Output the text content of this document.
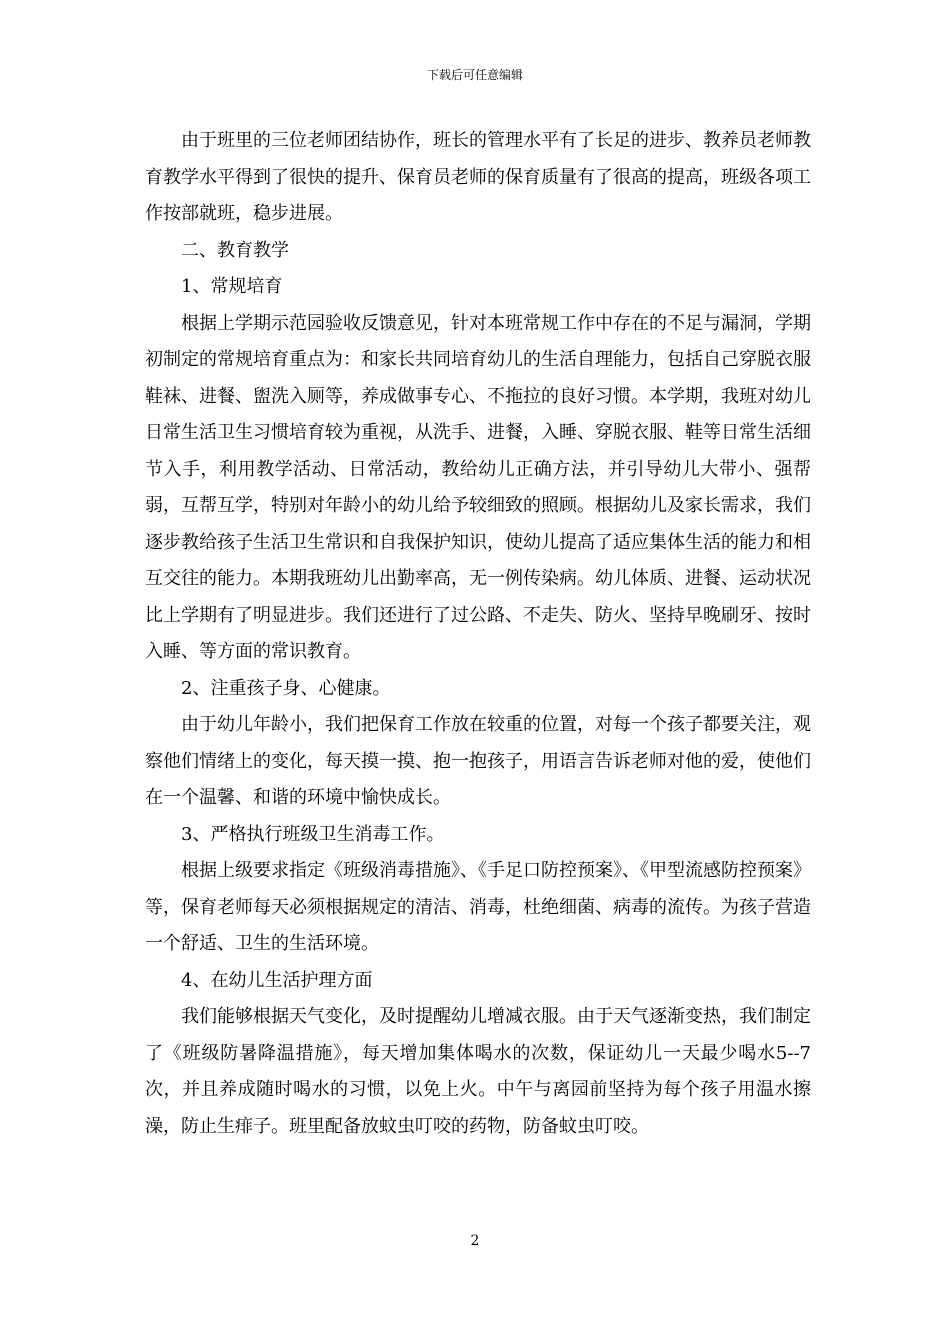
下载后可任意编辑

由于班里的三位老师团结协作，班长的管理水平有了长足的进步、教养员老师教育教学水平得到了很快的提升、保育员老师的保育质量有了很高的提高，班级各项工作按部就班，稳步进展。

二、教育教学

1、常规培育

根据上学期示范园验收反馈意见，针对本班常规工作中存在的不足与漏洞，学期初制定的常规培育重点为：和家长共同培育幼儿的生活自理能力，包括自己穿脱衣服鞋袜、进餐、盥洗入厕等，养成做事专心、不拖拉的良好习惯。本学期，我班对幼儿日常生活卫生习惯培育较为重视，从洗手、进餐，入睡、穿脱衣服、鞋等日常生活细节入手，利用教学活动、日常活动，教给幼儿正确方法，并引导幼儿大带小、强帮弱，互帮互学，特别对年龄小的幼儿给予较细致的照顾。根据幼儿及家长需求，我们逐步教给孩子生活卫生常识和自我保护知识，使幼儿提高了适应集体生活的能力和相互交往的能力。本期我班幼儿出勤率高，无一例传染病。幼儿体质、进餐、运动状况比上学期有了明显进步。我们还进行了过公路、不走失、防火、坚持早晚刷牙、按时入睡、等方面的常识教育。

2、注重孩子身、心健康。

由于幼儿年龄小，我们把保育工作放在较重的位置，对每一个孩子都要关注，观察他们情绪上的变化，每天摸一摸、抱一抱孩子，用语言告诉老师对他的爱，使他们在一个温馨、和谐的环境中愉快成长。

3、严格执行班级卫生消毒工作。

根据上级要求指定《班级消毒措施》、《手足口防控预案》、《甲型流感防控预案》等，保育老师每天必须根据规定的清洁、消毒，杜绝细菌、病毒的流传。为孩子营造一个舒适、卫生的生活环境。

4、在幼儿生活护理方面

我们能够根据天气变化，及时提醒幼儿增减衣服。由于天气逐渐变热，我们制定了《班级防暑降温措施》，每天增加集体喝水的次数，保证幼儿一天最少喝水5--7次，并且养成随时喝水的习惯，以免上火。中午与离园前坚持为每个孩子用温水擦澡，防止生痱子。班里配备放蚊虫叮咬的药物，防备蚊虫叮咬。

2
